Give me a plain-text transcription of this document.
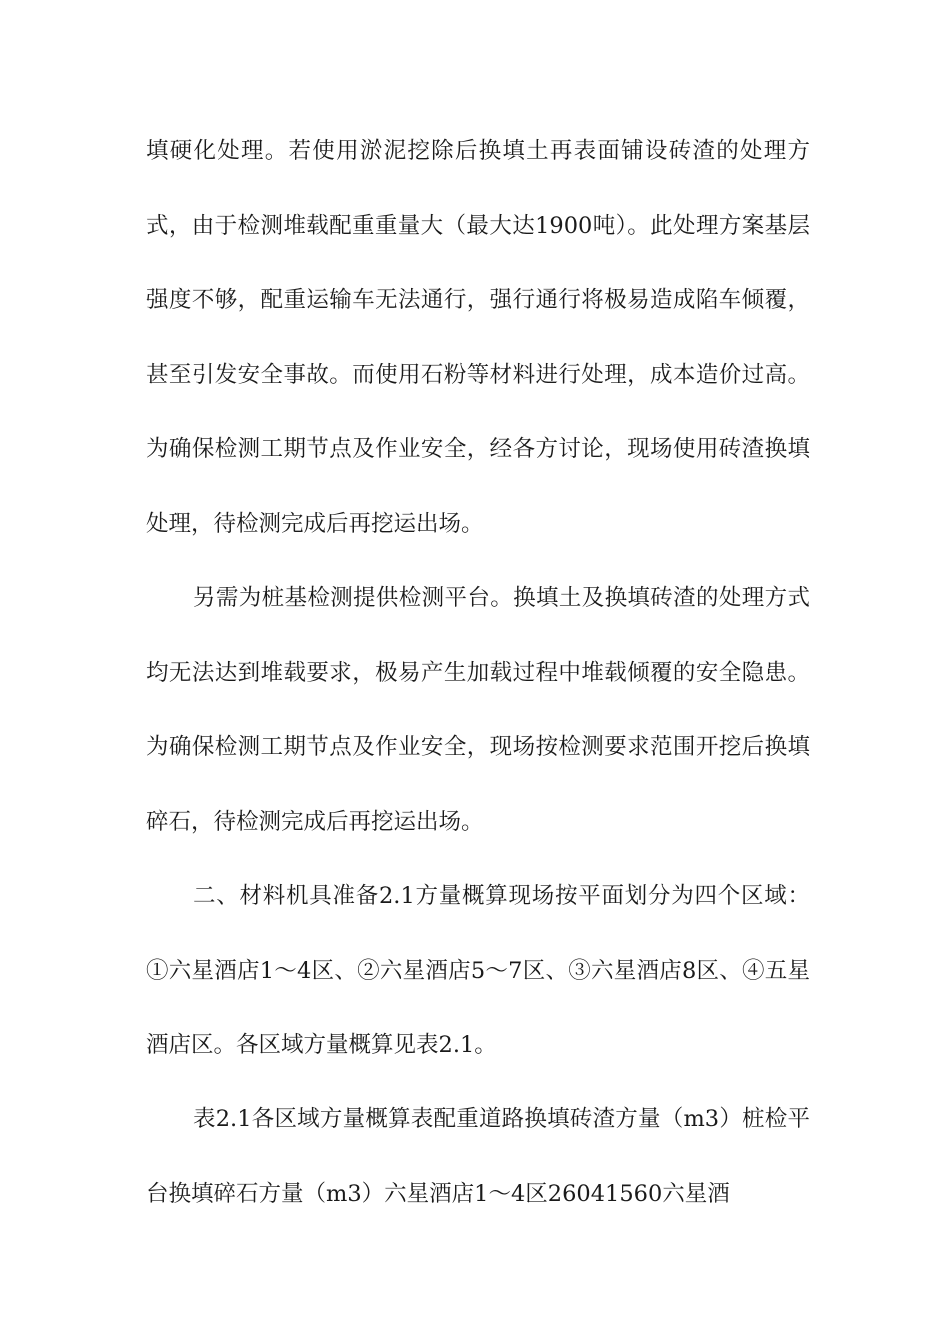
填硬化处理。若使用淤泥挖除后换填土再表面铺设砖渣的处理方式，由于检测堆载配重重量大（最大达1900吨）。此处理方案基层强度不够，配重运输车无法通行，强行通行将极易造成陷车倾覆，甚至引发安全事故。而使用石粉等材料进行处理，成本造价过高。为确保检测工期节点及作业安全，经各方讨论，现场使用砖渣换填处理，待检测完成后再挖运出场。

另需为桩基检测提供检测平台。换填土及换填砖渣的处理方式均无法达到堆载要求，极易产生加载过程中堆载倾覆的安全隐患。为确保检测工期节点及作业安全，现场按检测要求范围开挖后换填碎石，待检测完成后再挖运出场。

二、材料机具准备2.1方量概算现场按平面划分为四个区域：①六星酒店1～4区、②六星酒店5～7区、③六星酒店8区、④五星酒店区。各区域方量概算见表2.1。

表2.1各区域方量概算表配重道路换填砖渣方量（m3）桩检平台换填碎石方量（m3）六星酒店1～4区26041560六星酒
